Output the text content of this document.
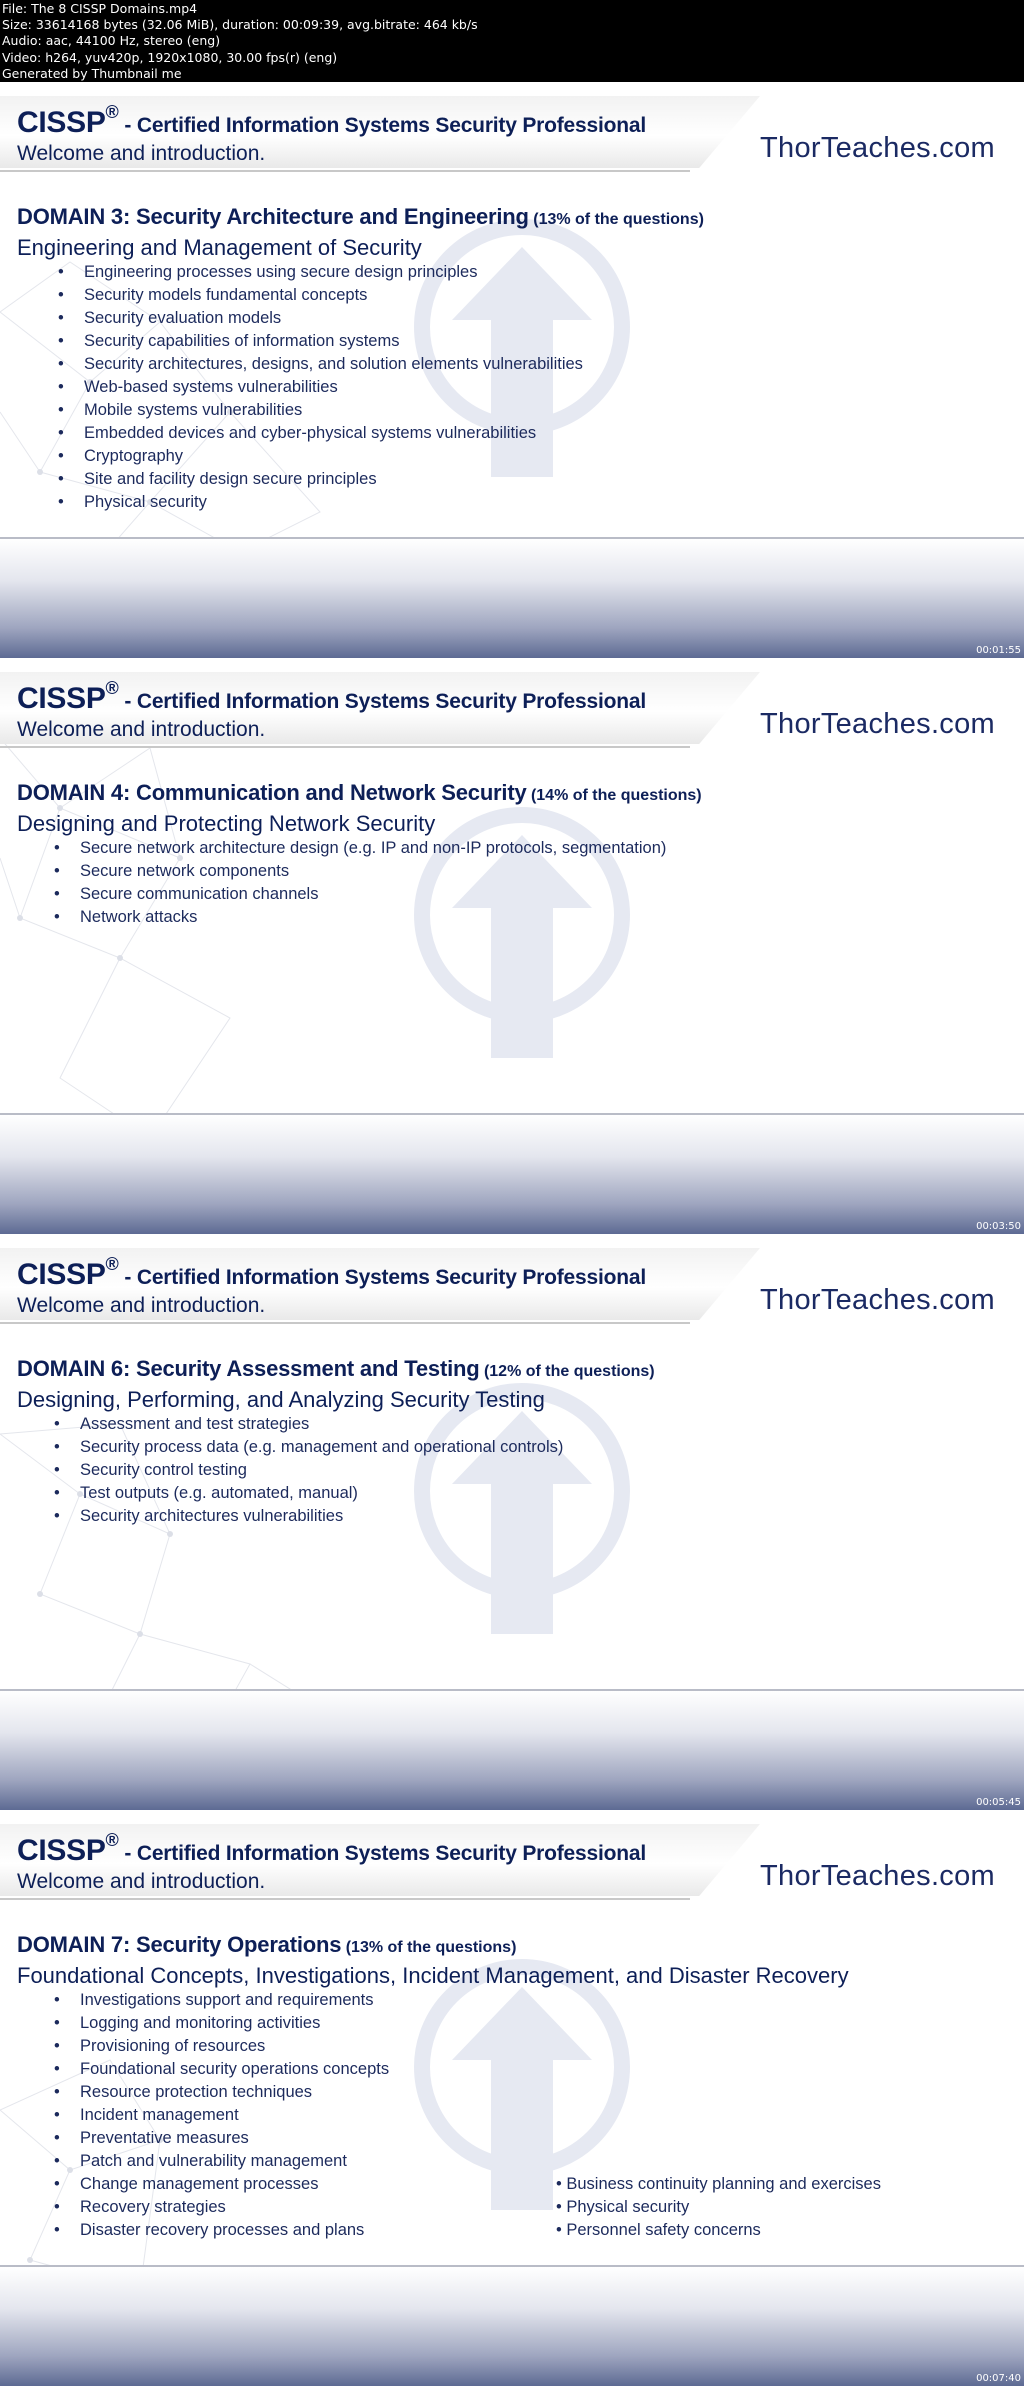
File: The 8 CISSP Domains.mp4
Size: 33614168 bytes (32.06 MiB), duration: 00:09:39, avg.bitrate: 464 kb/s
Audio: aac, 44100 Hz, stereo (eng)
Video: h264, yuv420p, 1920x1080, 30.00 fps(r) (eng)
Generated by Thumbnail me
CISSP® - Certified Information Systems Security Professional
Welcome and introduction.	ThorTeaches.com
DOMAIN 3: Security Architecture and Engineering (13% of the questions)
Engineering and Management of Security
• Engineering processes using secure design principles
• Security models fundamental concepts
• Security evaluation models
• Security capabilities of information systems
• Security architectures, designs, and solution elements vulnerabilities
• Web-based systems vulnerabilities
• Mobile systems vulnerabilities
• Embedded devices and cyber-physical systems vulnerabilities
• Cryptography
• Site and facility design secure principles
• Physical security
00:01:55
CISSP® - Certified Information Systems Security Professional
Welcome and introduction.	ThorTeaches.com
DOMAIN 4: Communication and Network Security (14% of the questions)
Designing and Protecting Network Security
• Secure network architecture design (e.g. IP and non-IP protocols, segmentation)
• Secure network components
• Secure communication channels
• Network attacks
00:03:50
CISSP® - Certified Information Systems Security Professional
Welcome and introduction.	ThorTeaches.com
DOMAIN 6: Security Assessment and Testing (12% of the questions)
Designing, Performing, and Analyzing Security Testing
• Assessment and test strategies
• Security process data (e.g. management and operational controls)
• Security control testing
• Test outputs (e.g. automated, manual)
• Security architectures vulnerabilities
00:05:45
CISSP® - Certified Information Systems Security Professional
Welcome and introduction.	ThorTeaches.com
DOMAIN 7: Security Operations (13% of the questions)
Foundational Concepts, Investigations, Incident Management, and Disaster Recovery
• Investigations support and requirements
• Logging and monitoring activities
• Provisioning of resources
• Foundational security operations concepts
• Resource protection techniques
• Incident management
• Preventative measures
• Patch and vulnerability management
• Change management processes
• Recovery strategies
• Disaster recovery processes and plans
• Business continuity planning and exercises
• Physical security
• Personnel safety concerns
00:07:40
